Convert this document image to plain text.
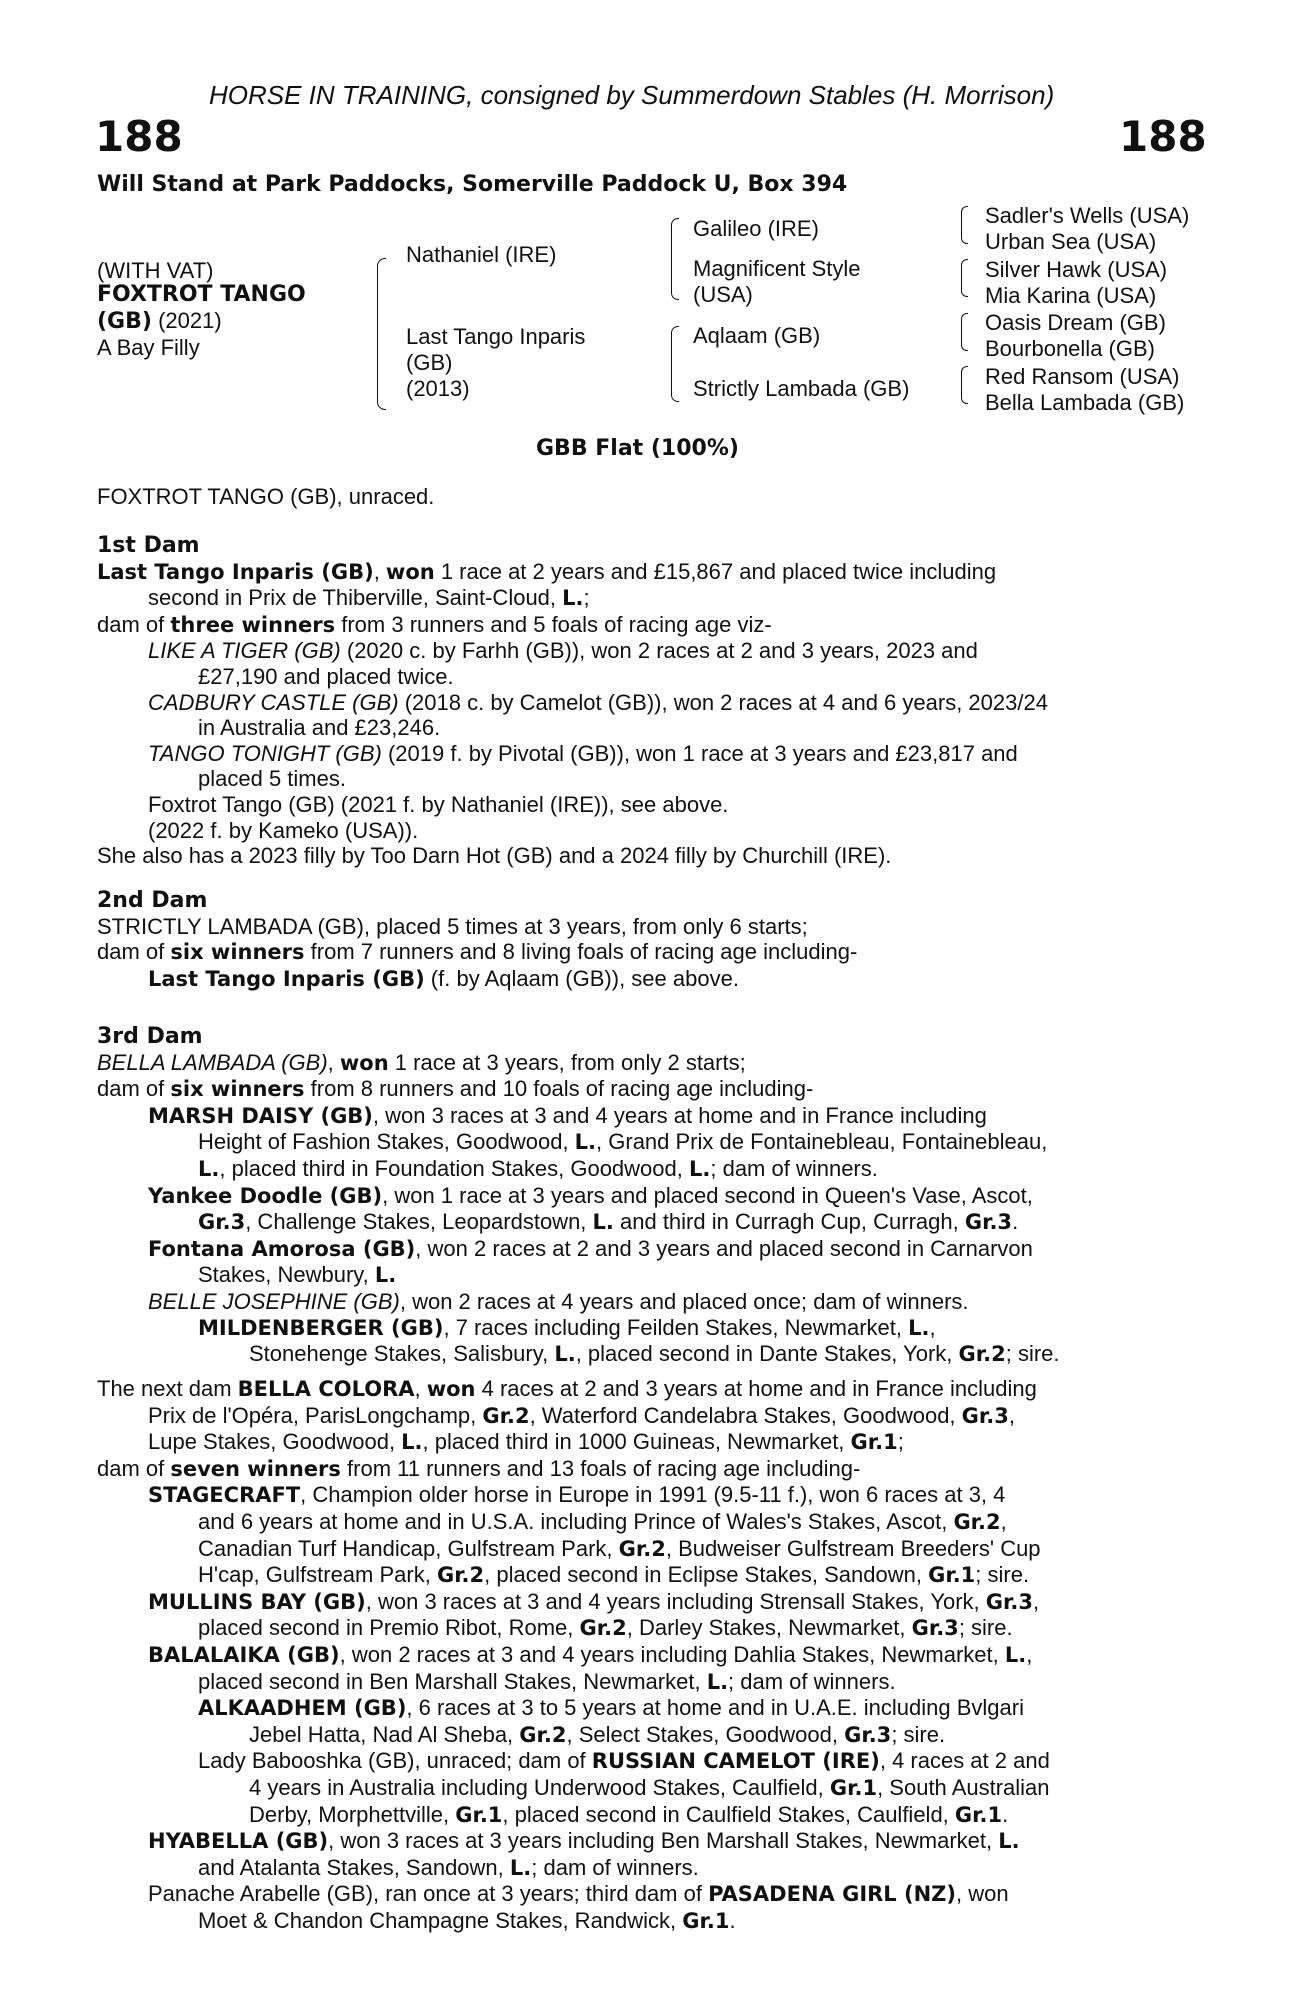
HORSE IN TRAINING, consigned by Summerdown Stables (H. Morrison)
188	188
Will Stand at Park Paddocks, Somerville Paddock U, Box 394
(WITH VAT)
FOXTROT TANGO
(GB) (2021)
A Bay Filly
Nathaniel (IRE)
Last Tango Inparis
(GB)
(2013)
Galileo (IRE)
Magnificent Style
(USA)
Aqlaam (GB)
Strictly Lambada (GB)
Sadler's Wells (USA)
Urban Sea (USA)
Silver Hawk (USA)
Mia Karina (USA)
Oasis Dream (GB)
Bourbonella (GB)
Red Ransom (USA)
Bella Lambada (GB)
GBB Flat (100%)
FOXTROT TANGO (GB), unraced.
1st Dam
Last Tango Inparis (GB), won 1 race at 2 years and £15,867 and placed twice including
second in Prix de Thiberville, Saint-Cloud, L.;
dam of three winners from 3 runners and 5 foals of racing age viz-
LIKE A TIGER (GB) (2020 c. by Farhh (GB)), won 2 races at 2 and 3 years, 2023 and
£27,190 and placed twice.
CADBURY CASTLE (GB) (2018 c. by Camelot (GB)), won 2 races at 4 and 6 years, 2023/24
in Australia and £23,246.
TANGO TONIGHT (GB) (2019 f. by Pivotal (GB)), won 1 race at 3 years and £23,817 and
placed 5 times.
Foxtrot Tango (GB) (2021 f. by Nathaniel (IRE)), see above.
(2022 f. by Kameko (USA)).
She also has a 2023 filly by Too Darn Hot (GB) and a 2024 filly by Churchill (IRE).
2nd Dam
STRICTLY LAMBADA (GB), placed 5 times at 3 years, from only 6 starts;
dam of six winners from 7 runners and 8 living foals of racing age including-
Last Tango Inparis (GB) (f. by Aqlaam (GB)), see above.
3rd Dam
BELLA LAMBADA (GB), won 1 race at 3 years, from only 2 starts;
dam of six winners from 8 runners and 10 foals of racing age including-
MARSH DAISY (GB), won 3 races at 3 and 4 years at home and in France including
Height of Fashion Stakes, Goodwood, L., Grand Prix de Fontainebleau, Fontainebleau,
L., placed third in Foundation Stakes, Goodwood, L.; dam of winners.
Yankee Doodle (GB), won 1 race at 3 years and placed second in Queen's Vase, Ascot,
Gr.3, Challenge Stakes, Leopardstown, L. and third in Curragh Cup, Curragh, Gr.3.
Fontana Amorosa (GB), won 2 races at 2 and 3 years and placed second in Carnarvon
Stakes, Newbury, L.
BELLE JOSEPHINE (GB), won 2 races at 4 years and placed once; dam of winners.
MILDENBERGER (GB), 7 races including Feilden Stakes, Newmarket, L.,
Stonehenge Stakes, Salisbury, L., placed second in Dante Stakes, York, Gr.2; sire.
The next dam BELLA COLORA, won 4 races at 2 and 3 years at home and in France including
Prix de l'Opéra, ParisLongchamp, Gr.2, Waterford Candelabra Stakes, Goodwood, Gr.3,
Lupe Stakes, Goodwood, L., placed third in 1000 Guineas, Newmarket, Gr.1;
dam of seven winners from 11 runners and 13 foals of racing age including-
STAGECRAFT, Champion older horse in Europe in 1991 (9.5-11 f.), won 6 races at 3, 4
and 6 years at home and in U.S.A. including Prince of Wales's Stakes, Ascot, Gr.2,
Canadian Turf Handicap, Gulfstream Park, Gr.2, Budweiser Gulfstream Breeders' Cup
H'cap, Gulfstream Park, Gr.2, placed second in Eclipse Stakes, Sandown, Gr.1; sire.
MULLINS BAY (GB), won 3 races at 3 and 4 years including Strensall Stakes, York, Gr.3,
placed second in Premio Ribot, Rome, Gr.2, Darley Stakes, Newmarket, Gr.3; sire.
BALALAIKA (GB), won 2 races at 3 and 4 years including Dahlia Stakes, Newmarket, L.,
placed second in Ben Marshall Stakes, Newmarket, L.; dam of winners.
ALKAADHEM (GB), 6 races at 3 to 5 years at home and in U.A.E. including Bvlgari
Jebel Hatta, Nad Al Sheba, Gr.2, Select Stakes, Goodwood, Gr.3; sire.
Lady Babooshka (GB), unraced; dam of RUSSIAN CAMELOT (IRE), 4 races at 2 and
4 years in Australia including Underwood Stakes, Caulfield, Gr.1, South Australian
Derby, Morphettville, Gr.1, placed second in Caulfield Stakes, Caulfield, Gr.1.
HYABELLA (GB), won 3 races at 3 years including Ben Marshall Stakes, Newmarket, L.
and Atalanta Stakes, Sandown, L.; dam of winners.
Panache Arabelle (GB), ran once at 3 years; third dam of PASADENA GIRL (NZ), won
Moet & Chandon Champagne Stakes, Randwick, Gr.1.
